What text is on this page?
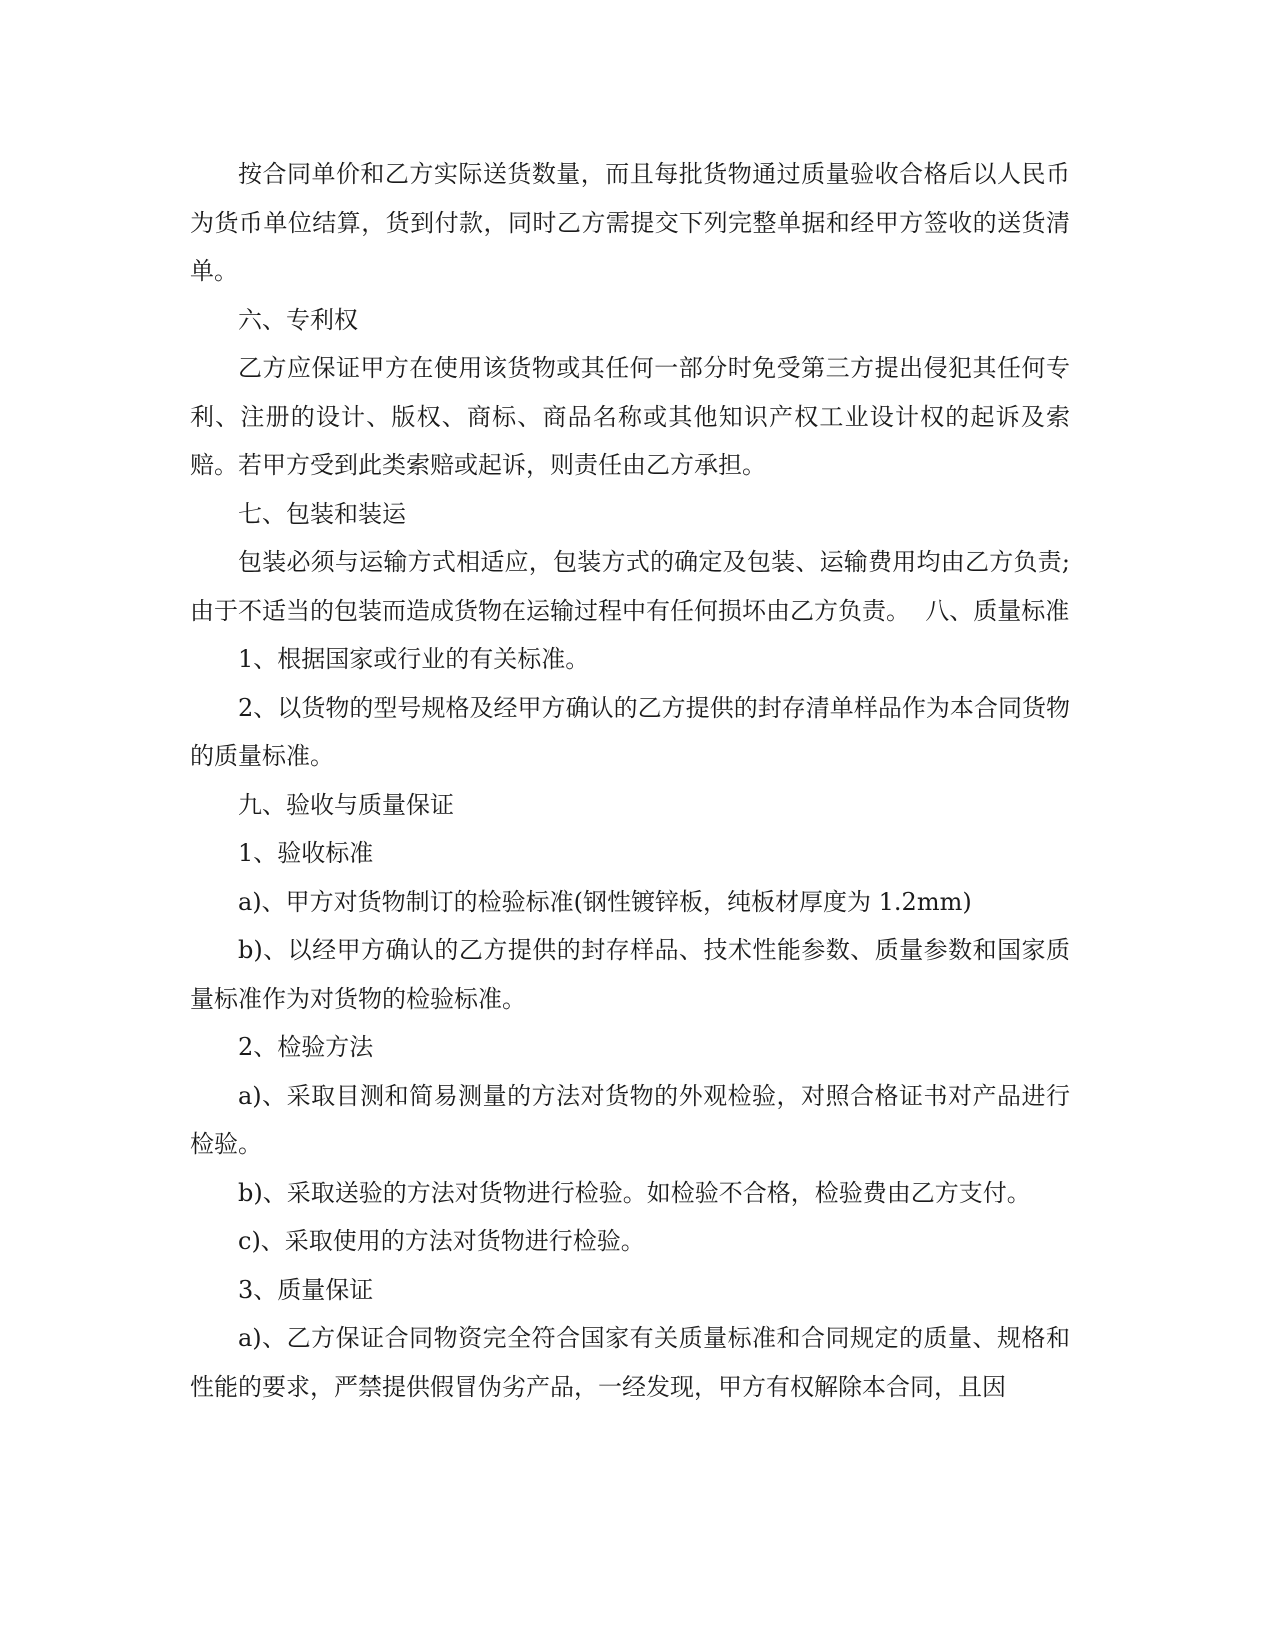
按合同单价和乙方实际送货数量，而且每批货物通过质量验收合格后以人民币为货币单位结算，货到付款，同时乙方需提交下列完整单据和经甲方签收的送货清单。

六、专利权

乙方应保证甲方在使用该货物或其任何一部分时免受第三方提出侵犯其任何专利、注册的设计、版权、商标、商品名称或其他知识产权工业设计权的起诉及索赔。若甲方受到此类索赔或起诉，则责任由乙方承担。

七、包装和装运

包装必须与运输方式相适应，包装方式的确定及包装、运输费用均由乙方负责;由于不适当的包装而造成货物在运输过程中有任何损坏由乙方负责。  八、质量标准

1、根据国家或行业的有关标准。

2、以货物的型号规格及经甲方确认的乙方提供的封存清单样品作为本合同货物的质量标准。

九、验收与质量保证

1、验收标准

a)、甲方对货物制订的检验标准(钢性镀锌板，纯板材厚度为 1.2mm)

b)、以经甲方确认的乙方提供的封存样品、技术性能参数、质量参数和国家质量标准作为对货物的检验标准。

2、检验方法

a)、采取目测和简易测量的方法对货物的外观检验，对照合格证书对产品进行检验。

b)、采取送验的方法对货物进行检验。如检验不合格，检验费由乙方支付。

c)、采取使用的方法对货物进行检验。

3、质量保证

a)、乙方保证合同物资完全符合国家有关质量标准和合同规定的质量、规格和性能的要求，严禁提供假冒伪劣产品，一经发现，甲方有权解除本合同，且因
